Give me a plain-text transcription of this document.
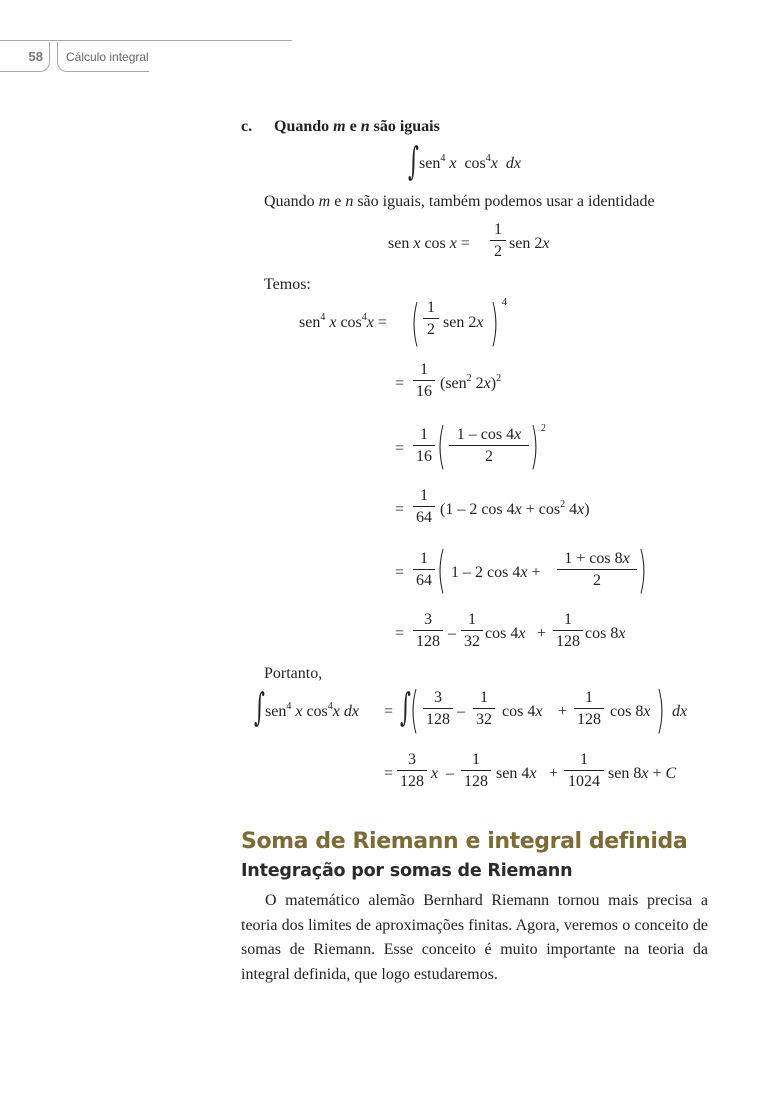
58	Cálculo integral
c. Quando m e n são iguais
∫ sen$^4$ x $\cos^4x$ dx
Quando m e n são iguais, também podemos usar a identidade
sen x $\cos x = \frac{1}{2}$ sen 2x
Temos:
sen$^4$ x $\cos^4x$ = ( $\frac{1}{2}$ sen 2x ) 4
= $\frac{1}{16} (sen^2$ 2x)$^2$
= $\frac{1}{16}$ ( $\frac{1 - \cos 4x}{2}$ ) 2
= $\frac{1}{64} (1 - 2$ $\cos 4x + \cos^2 4x$)
= $\frac{1}{64}$ ( 1 – 2 $\cos 4x + \frac{1 + \cos 8x}{2}$ )
= $\frac{3}{128} - \frac{1}{32}$ $\cos 4x + \frac{1}{128}$ cos 8x
Portanto,
∫ sen$^4$ x $\cos^4x$ dx = ∫ ( $\frac{3}{128} - \frac{1}{32}$ $\cos 4x + \frac{1}{128}$ cos 8x ) dx
= $\frac{3}{128}$ x – $\frac{1}{128}$ sen $4x + \frac{1}{1024}$ sen 8x + C
Soma de Riemann e integral definida
Integração por somas de Riemann
O matemático alemão Bernhard Riemann tornou mais precisa a teoria dos limites de aproximações finitas. Agora, veremos o conceito de somas de Riemann. Esse conceito é muito importante na teoria da integral definida, que logo estudaremos.
